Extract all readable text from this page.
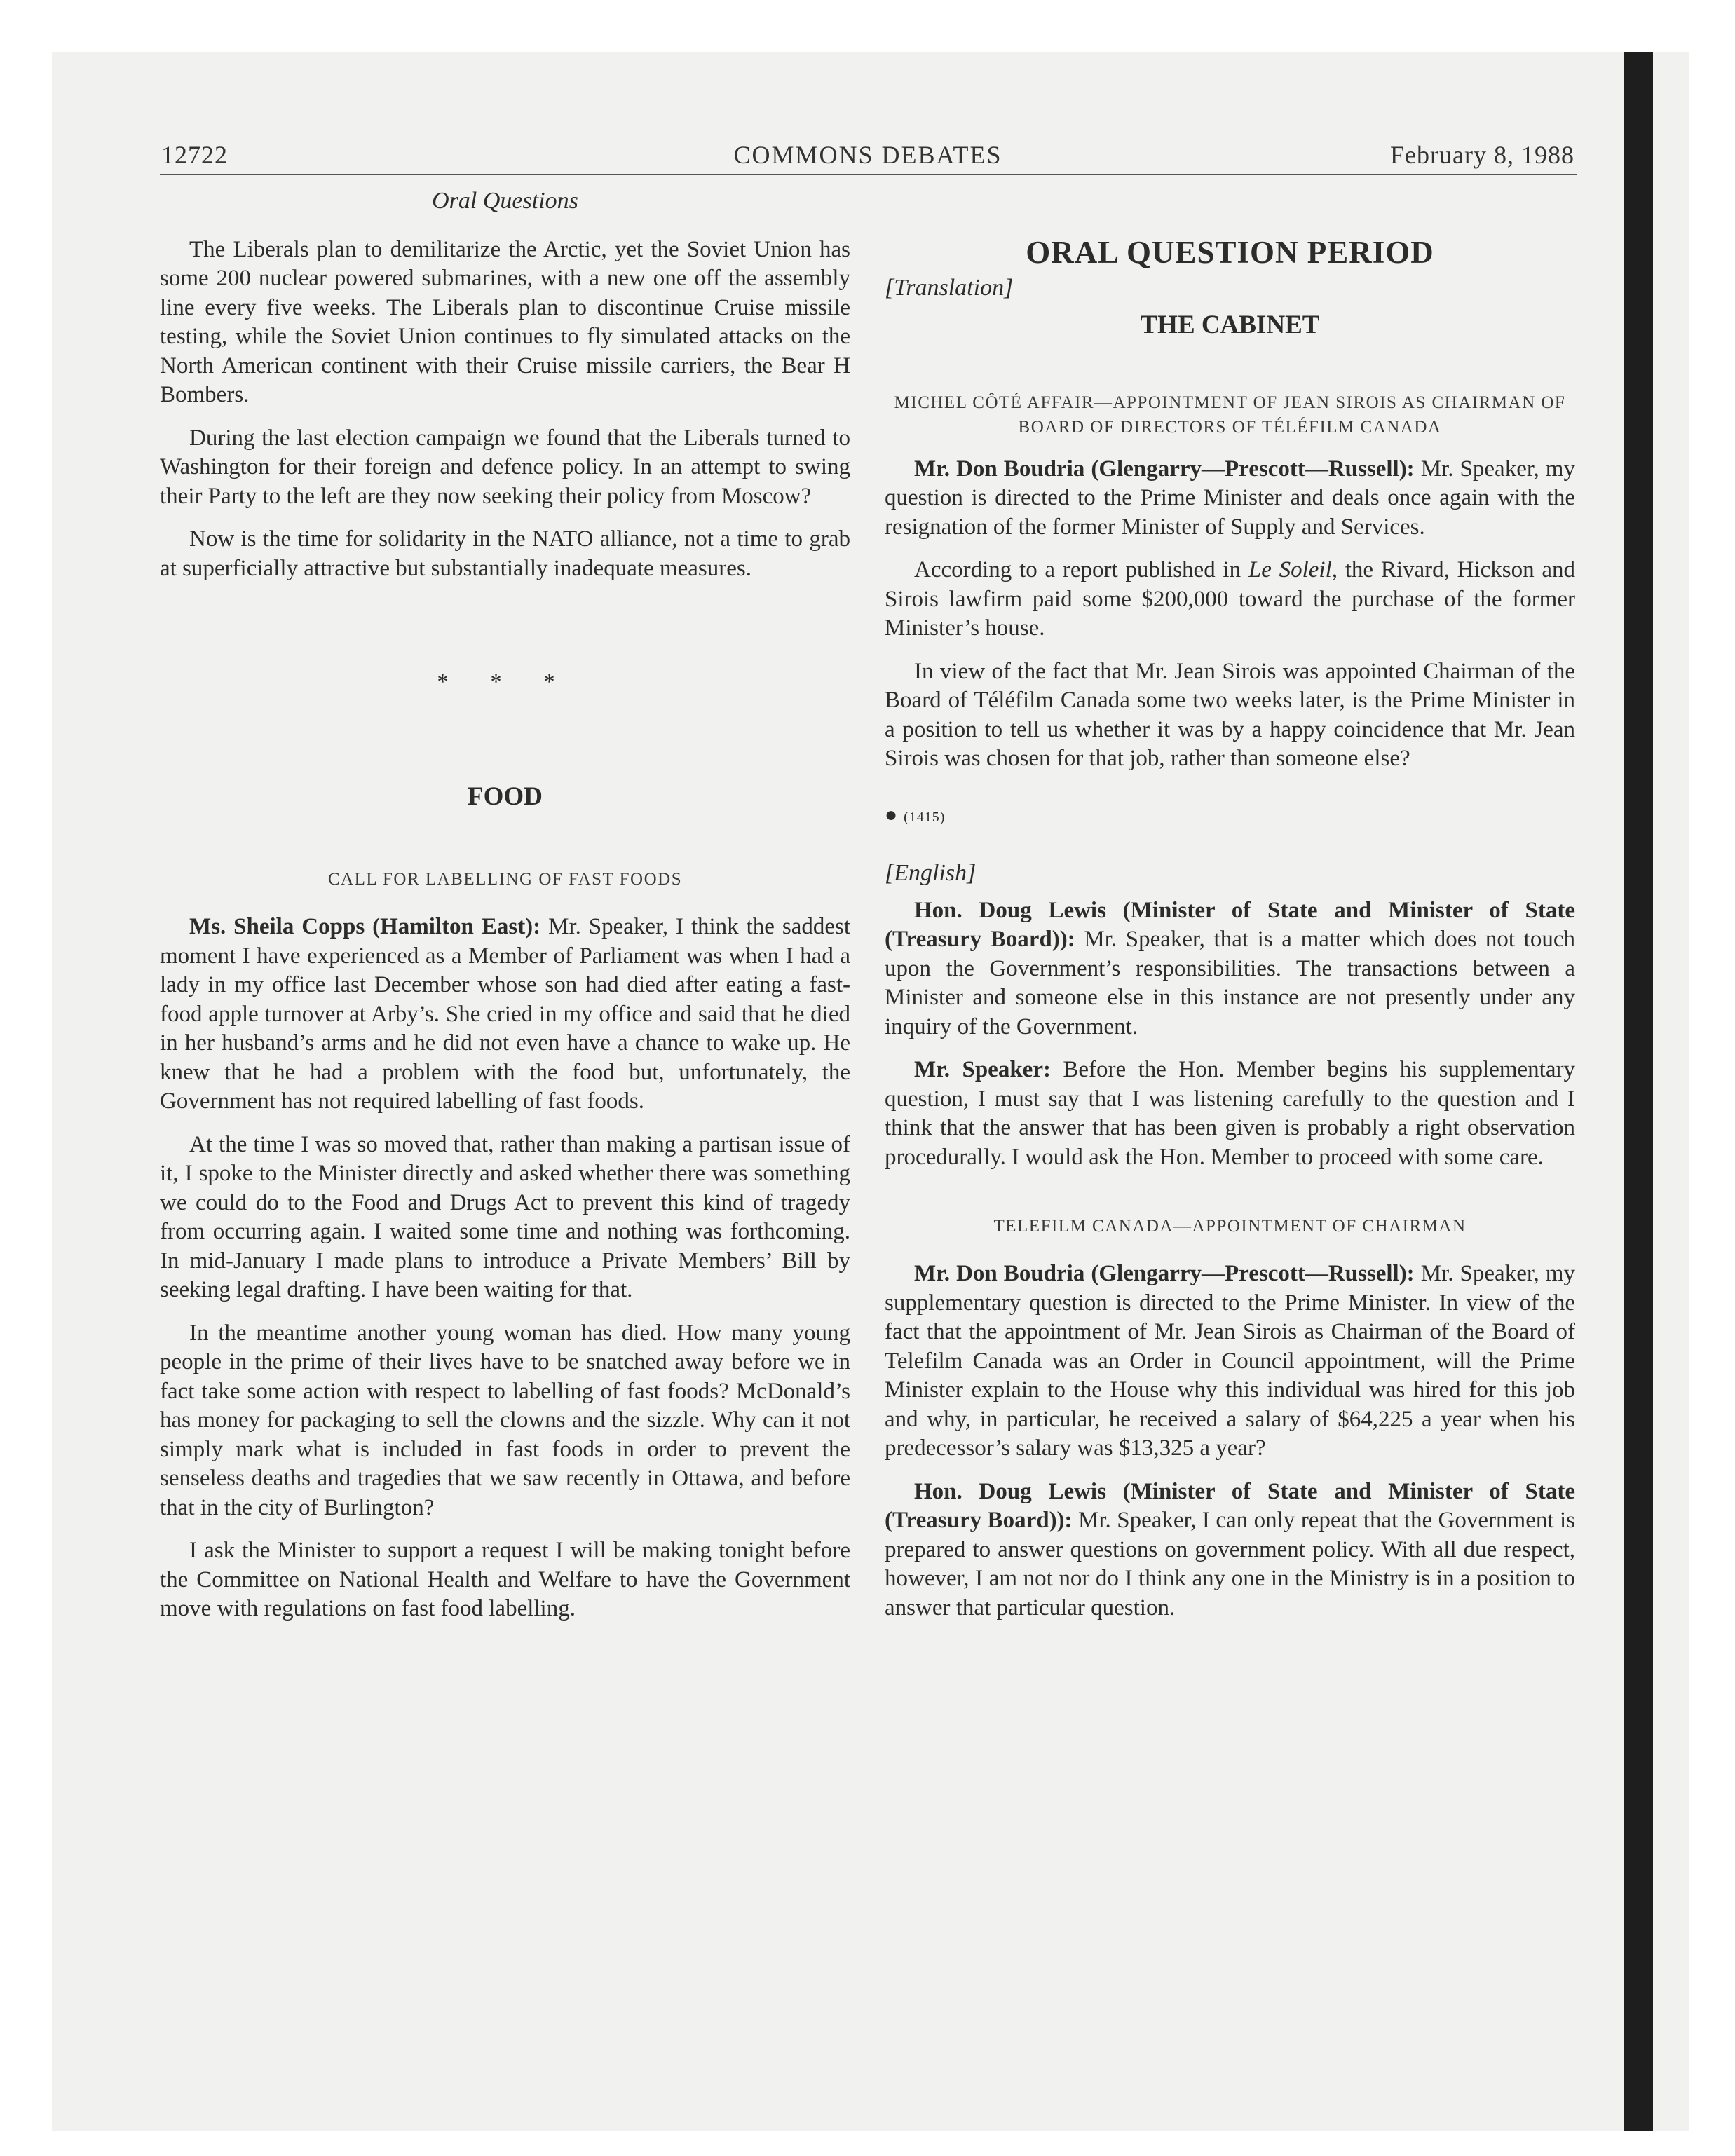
12722	COMMONS DEBATES	February 8, 1988
Oral Questions

The Liberals plan to demilitarize the Arctic, yet the Soviet Union has some 200 nuclear powered submarines, with a new one off the assembly line every five weeks. The Liberals plan to discontinue Cruise missile testing, while the Soviet Union continues to fly simulated attacks on the North American continent with their Cruise missile carriers, the Bear H Bombers.

During the last election campaign we found that the Liberals turned to Washington for their foreign and defence policy. In an attempt to swing their Party to the left are they now seeking their policy from Moscow?

Now is the time for solidarity in the NATO alliance, not a time to grab at superficially attractive but substantially inadequate measures.

* * *
FOOD
CALL FOR LABELLING OF FAST FOODS

Ms. Sheila Copps (Hamilton East): Mr. Speaker, I think the saddest moment I have experienced as a Member of Parliament was when I had a lady in my office last December whose son had died after eating a fast-food apple turnover at Arby’s. She cried in my office and said that he died in her husband’s arms and he did not even have a chance to wake up. He knew that he had a problem with the food but, unfortunately, the Government has not required labelling of fast foods.

At the time I was so moved that, rather than making a partisan issue of it, I spoke to the Minister directly and asked whether there was something we could do to the Food and Drugs Act to prevent this kind of tragedy from occurring again. I waited some time and nothing was forthcoming. In mid-January I made plans to introduce a Private Members’ Bill by seeking legal drafting. I have been waiting for that.

In the meantime another young woman has died. How many young people in the prime of their lives have to be snatched away before we in fact take some action with respect to labelling of fast foods? McDonald’s has money for packaging to sell the clowns and the sizzle. Why can it not simply mark what is included in fast foods in order to prevent the senseless deaths and tragedies that we saw recently in Ottawa, and before that in the city of Burlington?

I ask the Minister to support a request I will be making tonight before the Committee on National Health and Welfare to have the Government move with regulations on fast food labelling.

ORAL QUESTION PERIOD
[Translation]
THE CABINET
MICHEL CÔTÉ AFFAIR—APPOINTMENT OF JEAN SIROIS AS CHAIRMAN OF BOARD OF DIRECTORS OF TÉLÉFILM CANADA

Mr. Don Boudria (Glengarry—Prescott—Russell): Mr. Speaker, my question is directed to the Prime Minister and deals once again with the resignation of the former Minister of Supply and Services.

According to a report published in Le Soleil, the Rivard, Hickson and Sirois lawfirm paid some $200,000 toward the purchase of the former Minister’s house.

In view of the fact that Mr. Jean Sirois was appointed Chairman of the Board of Téléfilm Canada some two weeks later, is the Prime Minister in a position to tell us whether it was by a happy coincidence that Mr. Jean Sirois was chosen for that job, rather than someone else?

● (1415)
[English]

Hon. Doug Lewis (Minister of State and Minister of State (Treasury Board)): Mr. Speaker, that is a matter which does not touch upon the Government’s responsibilities. The transactions between a Minister and someone else in this instance are not presently under any inquiry of the Government.

Mr. Speaker: Before the Hon. Member begins his supplementary question, I must say that I was listening carefully to the question and I think that the answer that has been given is probably a right observation procedurally. I would ask the Hon. Member to proceed with some care.

TELEFILM CANADA—APPOINTMENT OF CHAIRMAN

Mr. Don Boudria (Glengarry—Prescott—Russell): Mr. Speaker, my supplementary question is directed to the Prime Minister. In view of the fact that the appointment of Mr. Jean Sirois as Chairman of the Board of Telefilm Canada was an Order in Council appointment, will the Prime Minister explain to the House why this individual was hired for this job and why, in particular, he received a salary of $64,225 a year when his predecessor’s salary was $13,325 a year?

Hon. Doug Lewis (Minister of State and Minister of State (Treasury Board)): Mr. Speaker, I can only repeat that the Government is prepared to answer questions on government policy. With all due respect, however, I am not nor do I think any one in the Ministry is in a position to answer that particular question.
